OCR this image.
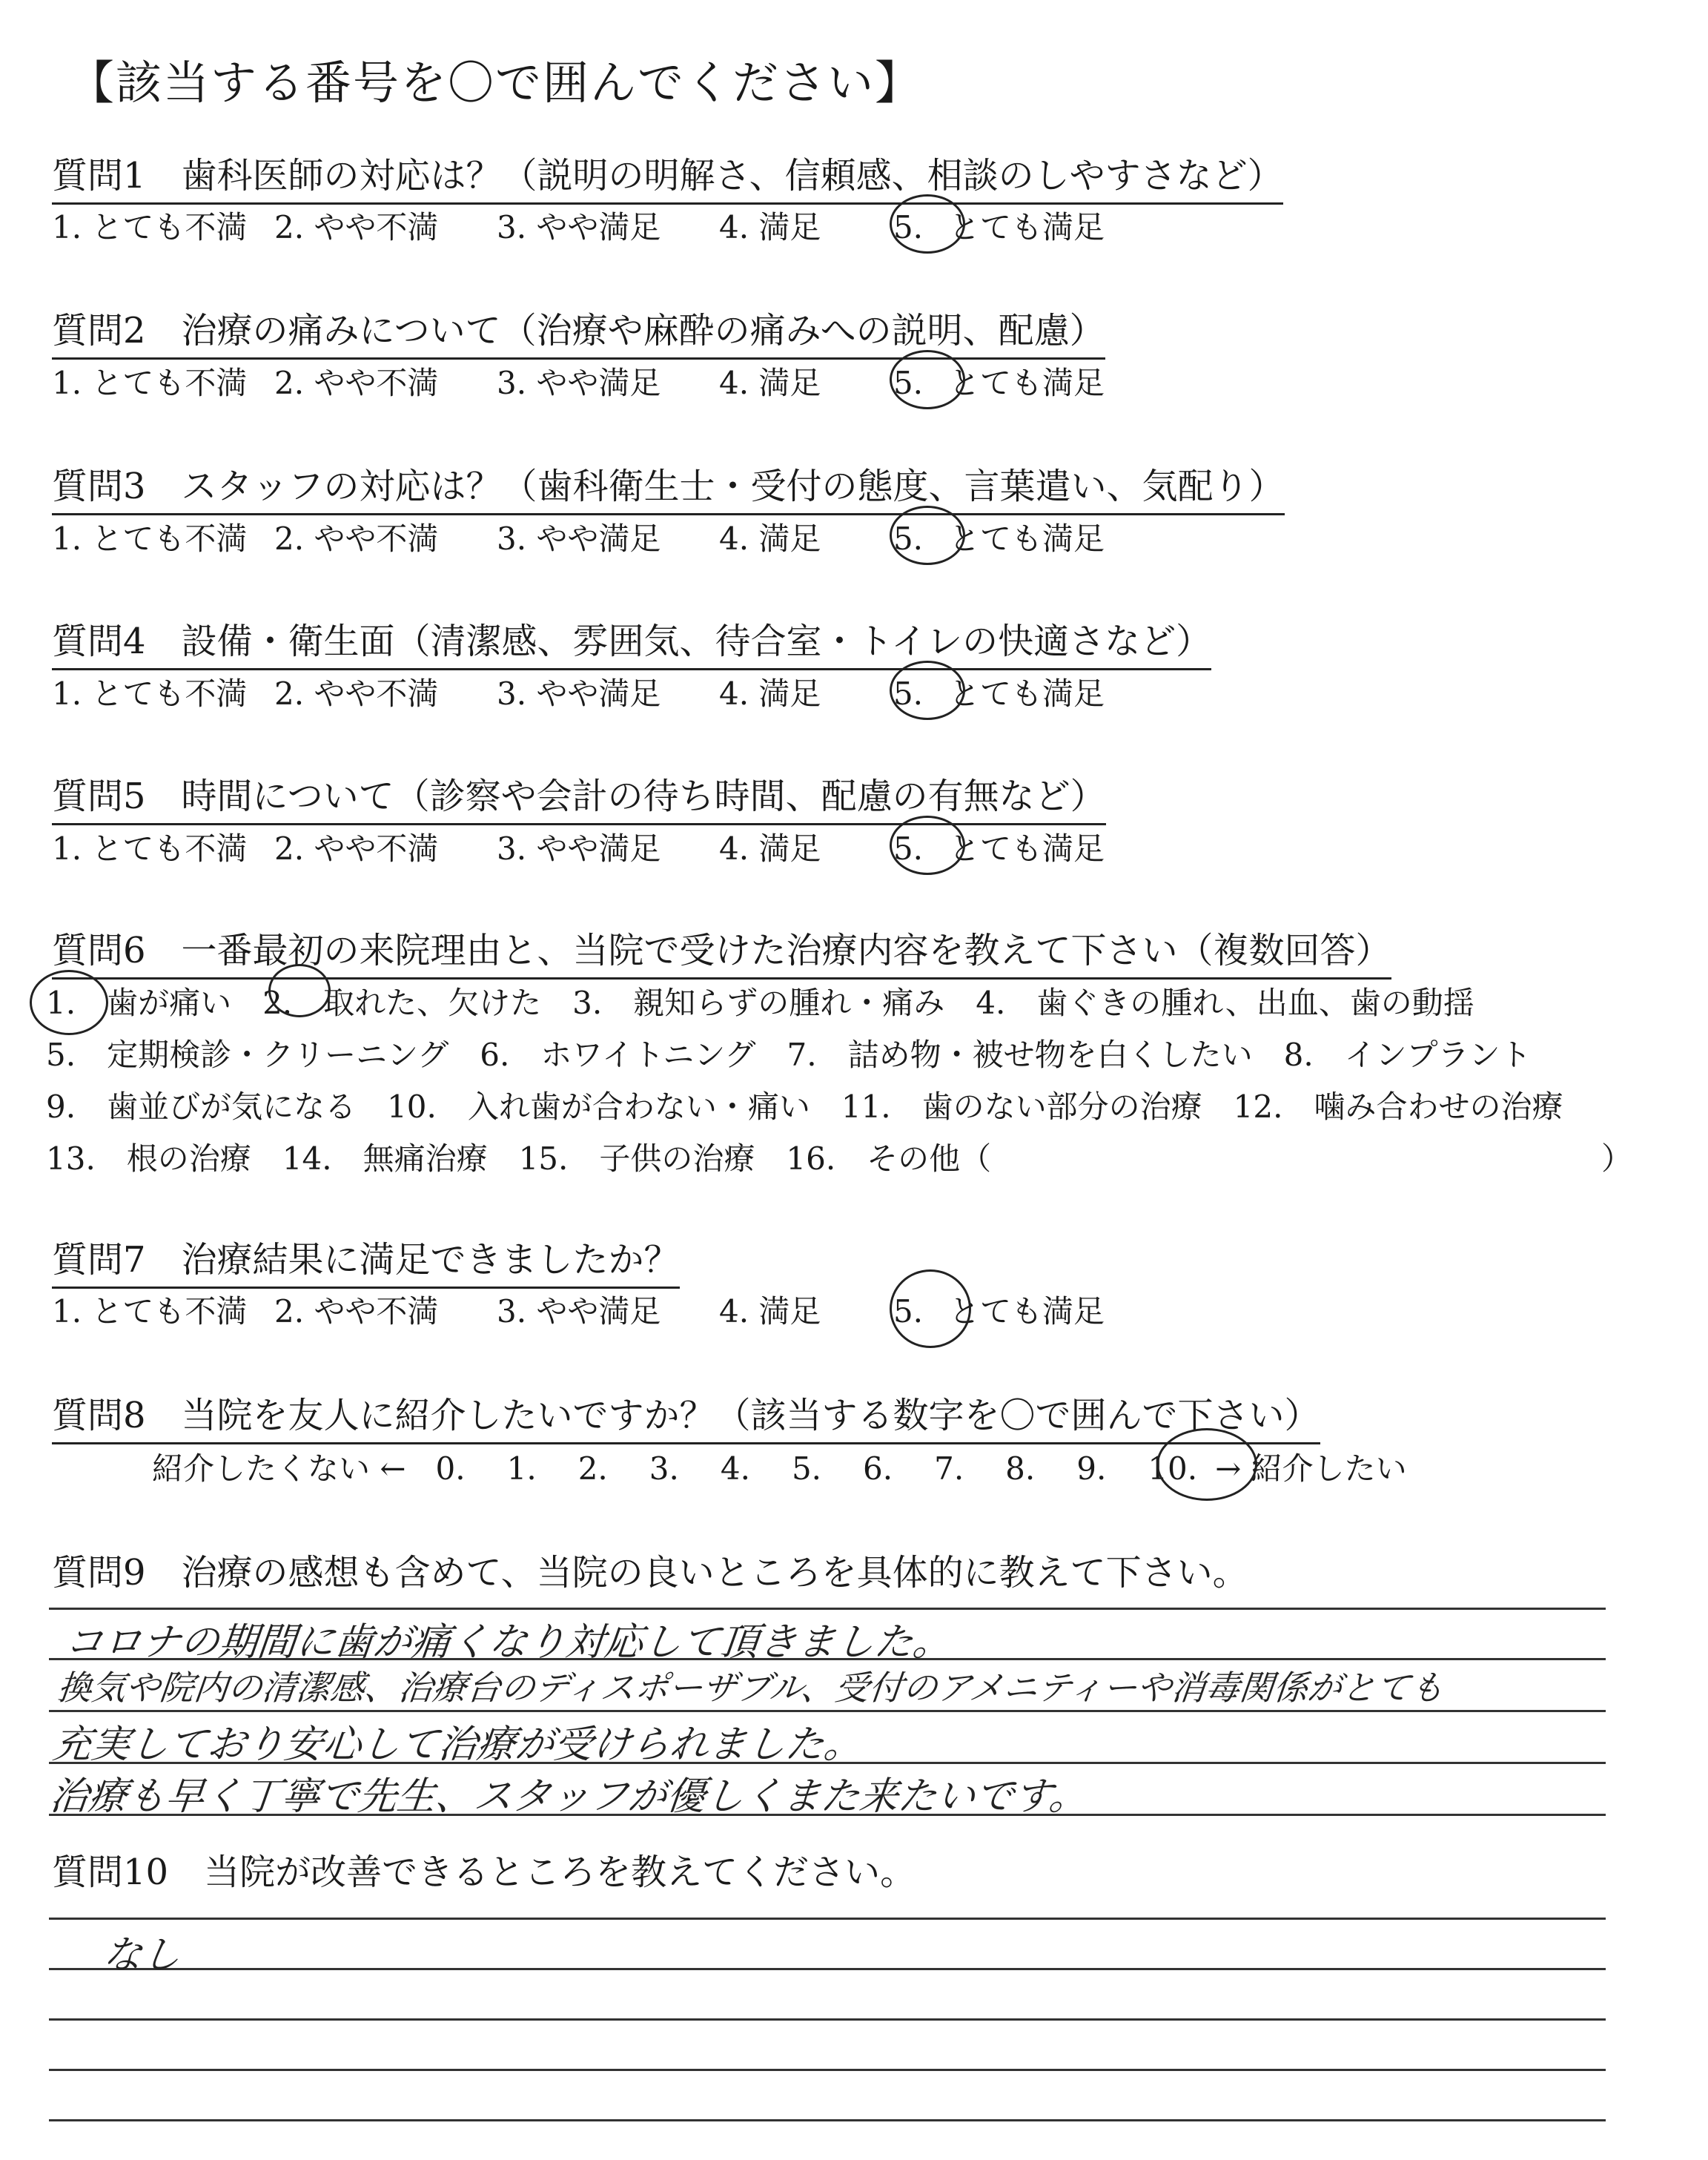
【該当する番号を〇で囲んでください】
質問1　歯科医師の対応は？（説明の明解さ、信頼感、相談のしやすさなど）
1. とても不満 2. やや不満 3. やや満足 4. 満足 5. とても満足
質問2　治療の痛みについて（治療や麻酔の痛みへの説明、配慮）
1. とても不満 2. やや不満 3. やや満足 4. 満足 5. とても満足
質問3　スタッフの対応は？（歯科衛生士・受付の態度、言葉遣い、気配り）
1. とても不満 2. やや不満 3. やや満足 4. 満足 5. とても満足
質問4　設備・衛生面（清潔感、雰囲気、待合室・トイレの快適さなど）
1. とても不満 2. やや不満 3. やや満足 4. 満足 5. とても満足
質問5　時間について（診察や会計の待ち時間、配慮の有無など）
1. とても不満 2. やや不満 3. やや満足 4. 満足 5. とても満足
質問6　一番最初の来院理由と、当院で受けた治療内容を教えて下さい（複数回答）
1.　歯が痛い　2.　取れた、欠けた　3.　親知らずの腫れ・痛み　4.　歯ぐきの腫れ、出血、歯の動揺
5.　定期検診・クリーニング　6.　ホワイトニング　7.　詰め物・被せ物を白くしたい　8.　インプラント
9.　歯並びが気になる　10.　入れ歯が合わない・痛い　11.　歯のない部分の治療　12.　噛み合わせの治療
13.　根の治療　14.　無痛治療　15.　子供の治療　16.　その他（	）
質問7　治療結果に満足できましたか？
1. とても不満 2. やや不満 3. やや満足 4. 満足 5. とても満足
質問8　当院を友人に紹介したいですか？（該当する数字を〇で囲んで下さい）
紹介したくない ← 0. 1. 2. 3. 4. 5. 6. 7. 8. 9. 10. → 紹介したい
質問9　治療の感想も含めて、当院の良いところを具体的に教えて下さい。
コロナの期間に歯が痛くなり対応して頂きました。
換気や院内の清潔感、治療台のディスポーザブル、受付のアメニティーや消毒関係がとても
充実しており安心して治療が受けられました。
治療も早く丁寧で先生、スタッフが優しくまた来たいです。
質問10　当院が改善できるところを教えてください。
なし
